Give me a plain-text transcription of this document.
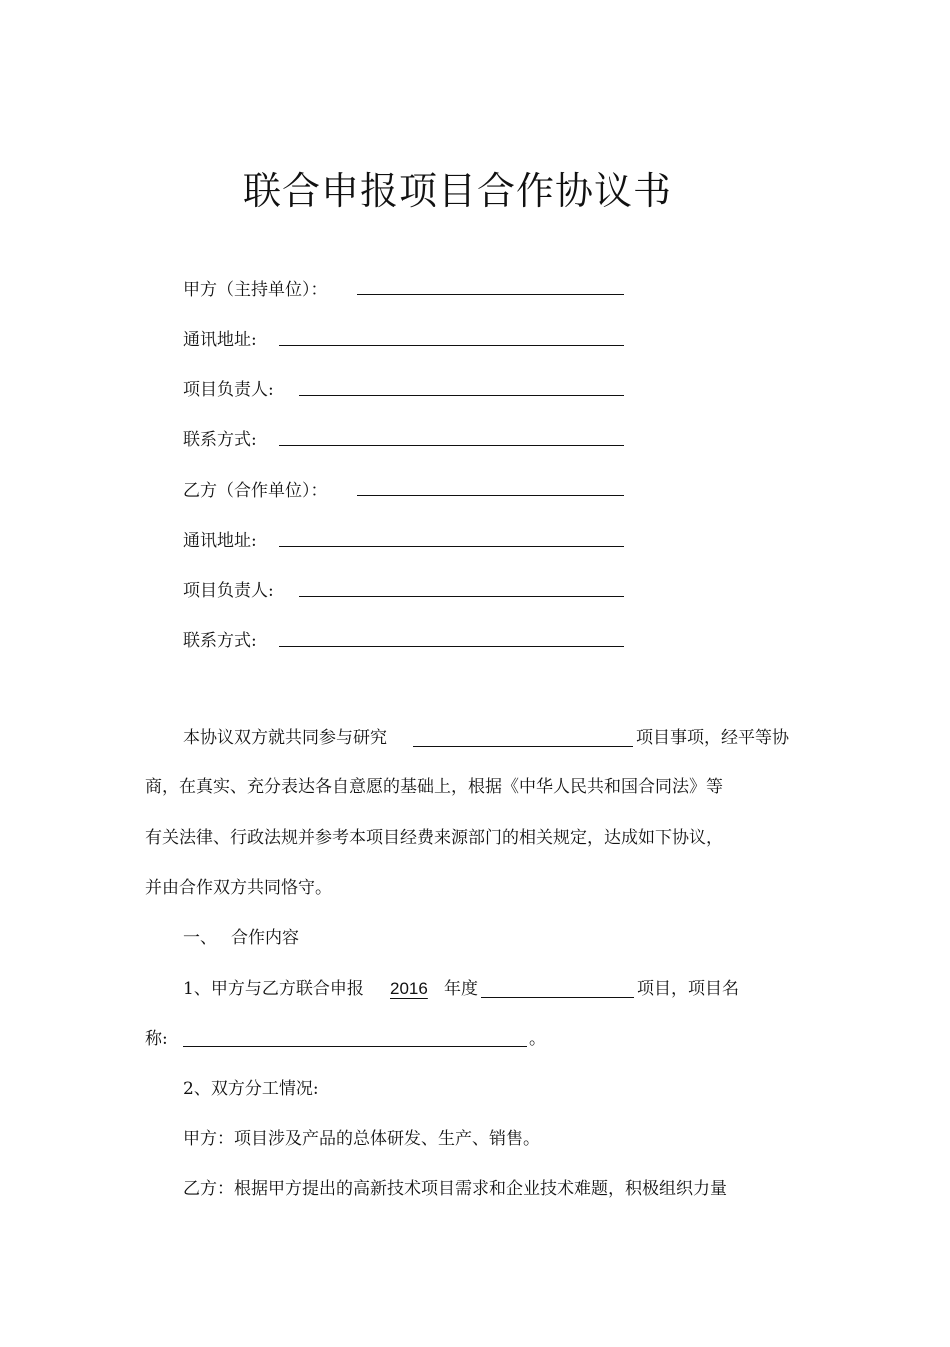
联合申报项目合作协议书
甲方（主持单位）：
通讯地址:
项目负责人:
联系方式:
乙方（合作单位）：
通讯地址:
项目负责人:
联系方式:
本协议双方就共同参与研究	项目事项，经平等协
商，在真实、充分表达各自意愿的基础上，根据《中华人民共和国合同法》等
有关法律、行政法规并参考本项目经费来源部门的相关规定，达成如下协议，
并由合作双方共同恪守。
一、 合作内容
1、甲方与乙方联合申报 2016 年度	项目，项目名
称:	。
2、双方分工情况:
甲方：项目涉及产品的总体研发、生产、销售。
乙方：根据甲方提出的高新技术项目需求和企业技术难题，积极组织力量
